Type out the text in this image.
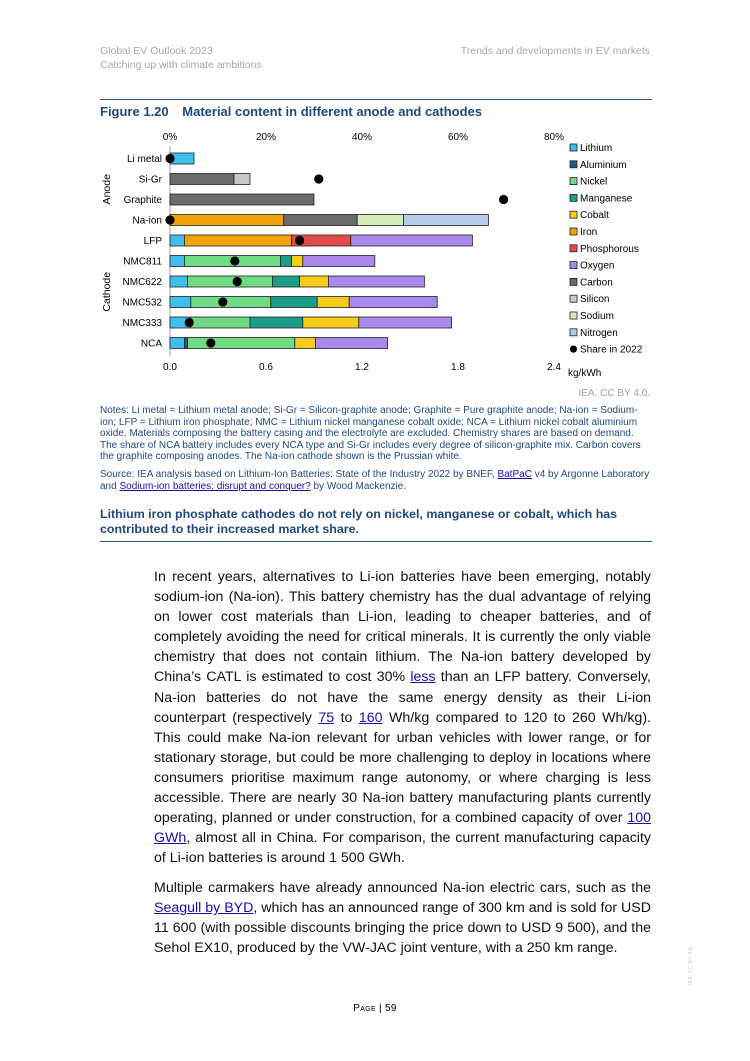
Global EV Outlook 2023
Catching up with climate ambitions
Trends and developments in EV markets
Figure 1.20 Material content in different anode and cathodes
0%	20%	40%	60%	80%
0.0	0.6	1.2	1.8	2.4
kg/kWh
Li metal
Si-Gr
Graphite
Na-ion
LFP
NMC811
NMC622
NMC532
NMC333
NCA
Anode
Cathode
Lithium
Aluminium
Nickel
Manganese
Cobalt
Iron
Phosphorous
Oxygen
Carbon
Silicon
Sodium
Nitrogen
Share in 2022
IEA. CC BY 4.0.
Notes: Li metal = Lithium metal anode; Si-Gr = Silicon-graphite anode; Graphite = Pure graphite anode; Na-ion = Sodium-ion; LFP = Lithium iron phosphate; NMC = Lithium nickel manganese cobalt oxide; NCA = Lithium nickel cobalt aluminium oxide. Materials composing the battery casing and the electrolyte are excluded. Chemistry shares are based on demand. The share of NCA battery includes every NCA type and Si-Gr includes every degree of silicon-graphite mix. Carbon covers the graphite composing anodes. The Na-ion cathode shown is the Prussian white.
Source: IEA analysis based on Lithium-Ion Batteries: State of the Industry 2022 by BNEF, BatPaC v4 by Argonne Laboratory and Sodium-ion batteries: disrupt and conquer? by Wood Mackenzie.
Lithium iron phosphate cathodes do not rely on nickel, manganese or cobalt, which has contributed to their increased market share.
In recent years, alternatives to Li-ion batteries have been emerging, notably sodium-ion (Na-ion). This battery chemistry has the dual advantage of relying on lower cost materials than Li-ion, leading to cheaper batteries, and of completely avoiding the need for critical minerals. It is currently the only viable chemistry that does not contain lithium. The Na-ion battery developed by China’s CATL is estimated to cost 30% less than an LFP battery. Conversely, Na-ion batteries do not have the same energy density as their Li-ion counterpart (respectively 75 to 160 Wh/kg compared to 120 to 260 Wh/kg). This could make Na-ion relevant for urban vehicles with lower range, or for stationary storage, but could be more challenging to deploy in locations where consumers prioritise maximum range autonomy, or where charging is less accessible. There are nearly 30 Na-ion battery manufacturing plants currently operating, planned or under construction, for a combined capacity of over 100 GWh, almost all in China. For comparison, the current manufacturing capacity of Li-ion batteries is around 1 500 GWh.
Multiple carmakers have already announced Na-ion electric cars, such as the Seagull by BYD, which has an announced range of 300 km and is sold for USD 11 600 (with possible discounts bringing the price down to USD 9 500), and the Sehol EX10, produced by the VW-JAC joint venture, with a 250 km range.
Page | 59
IEA. CC BY 4.0.
